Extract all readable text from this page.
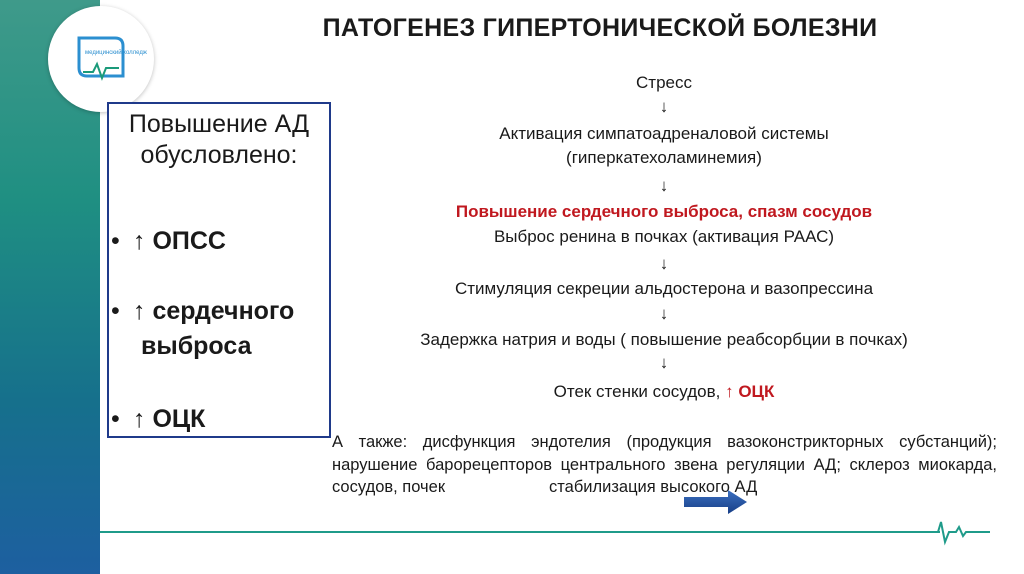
медицинский колледж
ПАТОГЕНЕЗ ГИПЕРТОНИЧЕСКОЙ БОЛЕЗНИ
Повышение АД обусловлено:
• ↑ ОПСС
• ↑ сердечного
выброса
• ↑ ОЦК
Стресс
↓
Активация симпатоадреналовой системы
(гиперкатехоламинемия)
↓
Повышение сердечного выброса, спазм сосудов
Выброс ренина в почках (активация РААС)
↓
Стимуляция секреции альдостерона и вазопрессина
↓
Задержка натрия и воды ( повышение реабсорбции в почках)
↓
Отек стенки сосудов, ↑ ОЦК

А также: дисфункция эндотелия (продукция вазоконстрикторных субстанций); нарушение барорецепторов центрального звена регуляции АД; склероз миокарда, сосудов, почек	стабилизация высокого АД
